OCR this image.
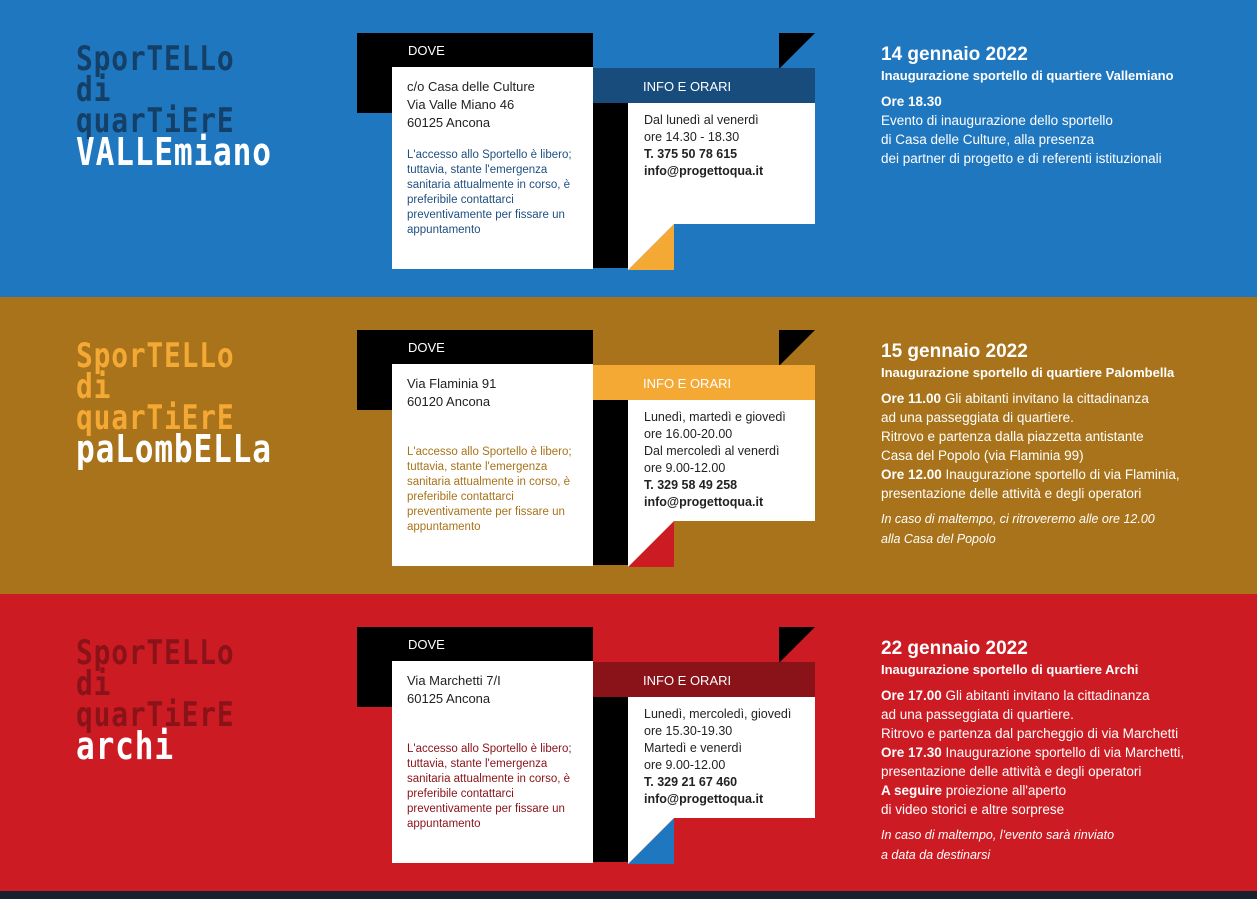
SporTELLo
di
quarTiErE
VALLEmiano
DOVE
c/o Casa delle Culture
Via Valle Miano 46
60125 Ancona
L'accesso allo Sportello è libero; tuttavia, stante l'emergenza sanitaria attualmente in corso, è preferibile contattarci preventivamente per fissare un appuntamento
INFO E ORARI
Dal lunedì al venerdì
ore 14.30 - 18.30
T. 375 50 78 615
info@progettoqua.it
14 gennaio 2022
Inaugurazione sportello di quartiere Vallemiano
Ore 18.30
Evento di inaugurazione dello sportello
di Casa delle Culture, alla presenza
dei partner di progetto e di referenti istituzionali
SporTELLo
di
quarTiErE
paLombELLa
DOVE
Via Flaminia 91
60120 Ancona
L'accesso allo Sportello è libero; tuttavia, stante l'emergenza sanitaria attualmente in corso, è preferibile contattarci preventivamente per fissare un appuntamento
INFO E ORARI
Lunedì, martedì e giovedì
ore 16.00-20.00
Dal mercoledì al venerdì
ore 9.00-12.00
T. 329 58 49 258
info@progettoqua.it
15 gennaio 2022
Inaugurazione sportello di quartiere Palombella
Ore 11.00 Gli abitanti invitano la cittadinanza
ad una passeggiata di quartiere.
Ritrovo e partenza dalla piazzetta antistante
Casa del Popolo (via Flaminia 99)
Ore 12.00 Inaugurazione sportello di via Flaminia,
presentazione delle attività e degli operatori
In caso di maltempo, ci ritroveremo alle ore 12.00
alla Casa del Popolo
SporTELLo
di
quarTiErE
archi
DOVE
Via Marchetti 7/I
60125 Ancona
L'accesso allo Sportello è libero; tuttavia, stante l'emergenza sanitaria attualmente in corso, è preferibile contattarci preventivamente per fissare un appuntamento
INFO E ORARI
Lunedì, mercoledì, giovedì
ore 15.30-19.30
Martedì e venerdì
ore 9.00-12.00
T. 329 21 67 460
info@progettoqua.it
22 gennaio 2022
Inaugurazione sportello di quartiere Archi
Ore 17.00 Gli abitanti invitano la cittadinanza
ad una passeggiata di quartiere.
Ritrovo e partenza dal parcheggio di via Marchetti
Ore 17.30 Inaugurazione sportello di via Marchetti,
presentazione delle attività e degli operatori
A seguire proiezione all'aperto
di video storici e altre sorprese
In caso di maltempo, l'evento sarà rinviato
a data da destinarsi
